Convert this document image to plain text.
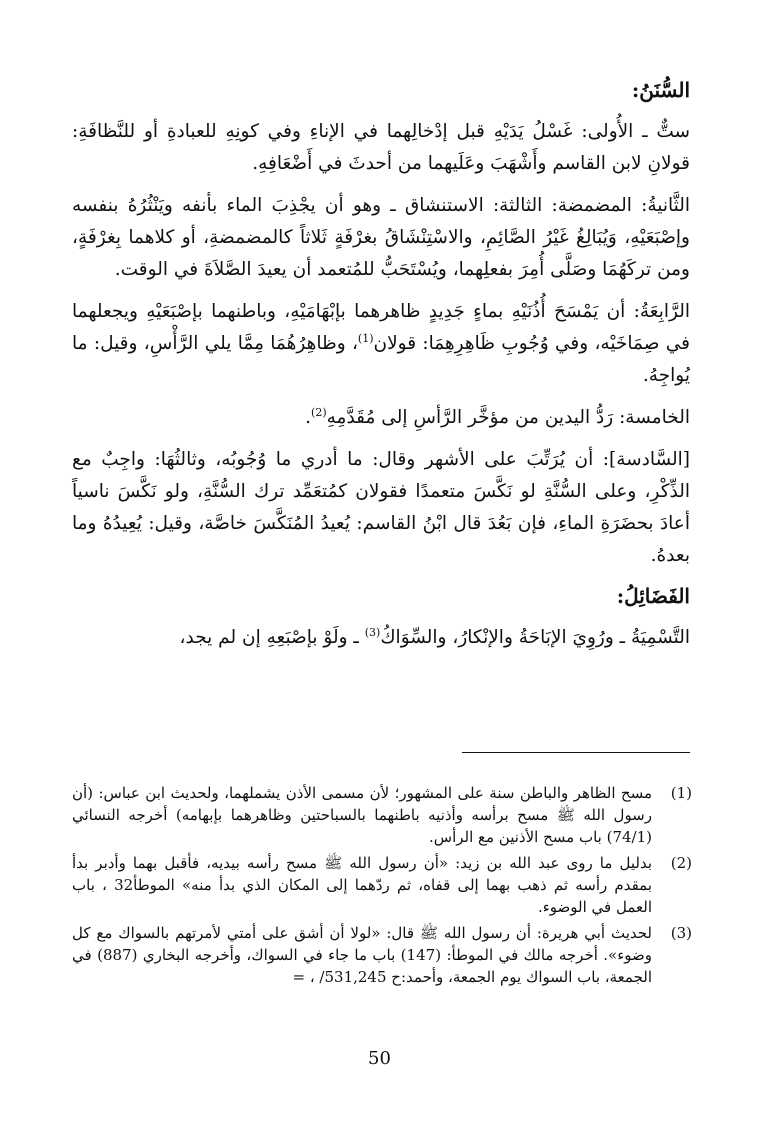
السُّنَنُ:

ستٌّ ـ الأُولى: غَسْلُ يَدَيْهِ قبل إدْخالِهما في الإناءِ وفي كونِهِ للعبادةِ أو للنَّظافَةِ: قولانِ لابن القاسم وأَشْهَبَ وعَلَيهما من أحدثَ في أَضْعَافِهِ.

الثَّانيةُ: المضمضة: الثالثة: الاستنشاق ـ وهو أن يجْذِبَ الماء بأنفه ويَنْثُرُهُ بنفسه وإصْبَعَيْهِ، وَيُبَالِغُ غَيْرُ الصَّائِمِ، والاسْتِنْشَاقُ بغرْفَةٍ ثَلاثاً كالمضمضةِ، أو كلاهما بِغرْفَةٍ، ومن تركَهُمَا وصَلَّى أُمِرَ بفعلِهما، ويُسْتَحَبُّ للمُتعمد أن يعيدَ الصَّلاَةَ في الوقت.

الرَّابِعَةُ: أن يَمْسَحَ أُذُنَيْهِ بماءٍ جَدِيدٍ ظاهرهما بإبْهَامَيْهِ، وباطنهما بإصْبَعَيْهِ ويجعلهما في صِمَاخَيْه، وفي وُجُوبِ ظَاهِرِهِمَا: قولان$^{(1)}$، وظاهِرُهُمَا مِمَّا يلي الرَّأْسِ، وقيل: ما يُواجِهُ.

الخامسة: رَدُّ اليدين من مؤخَّر الرَّأسِ إلى مُقَدَّمِهِ$^{(2)}$.

[السَّادسة]: أن يُرَتِّبَ على الأشهر وقال: ما أدري ما وُجُوبُه، وثالثُهَا: واجِبٌ مع الذِّكْرِ، وعلى السُّنَّةِ لو نَكَّسَ متعمدًا فقولان كمُتعَمِّد ترك السُّنَّةِ، ولو نَكَّسَ ناسياً أعادَ بحضَرَةِ الماءِ، فإن بَعُدَ قال ابْنُ القاسم: يُعيدُ المُنَكَّسَ خاصَّة، وقيل: يُعِيدُهُ وما بعدهُ.

الفَضَائِلُ:

التَّسْمِيَةُ ـ ورُوِيَ الإبَاحَةُ والإنْكارُ، والسِّوَاكُ$^{(3)}$ ـ ولَوْ بإصْبَعِهِ إن لم يجد،

(1)
مسح الظاهر والباطن سنة على المشهور؛ لأن مسمى الأذن يشملهما، ولحديث ابن عباس: (أن رسول الله ﷺ مسح برأسه وأذنيه باطنهما بالسباحتين وظاهرهما بإبهامه) أخرجه النسائي (74/1) باب مسح الأذنين مع الرأس.
(2)
بدليل ما روى عبد الله بن زيد: «أن رسول الله ﷺ مسح رأسه بيديه، فأقبل بهما وأدبر بدأ بمقدم رأسه ثم ذهب بهما إلى قفاه، ثم ردّهما إلى المكان الذي بدأ منه» الموطأ32 ، باب العمل في الوضوء.
(3)
لحديث أبي هريرة: أن رسول الله ﷺ قال: «لولا أن أشق على أمتي لأمرتهم بالسواك مع كل وضوء». أخرجه مالك في الموطأ: (147) باب ما جاء في السواك، وأخرجه البخاري (887) في الجمعة، باب السواك يوم الجمعة، وأحمد:ح 531,245/ ، =
50
